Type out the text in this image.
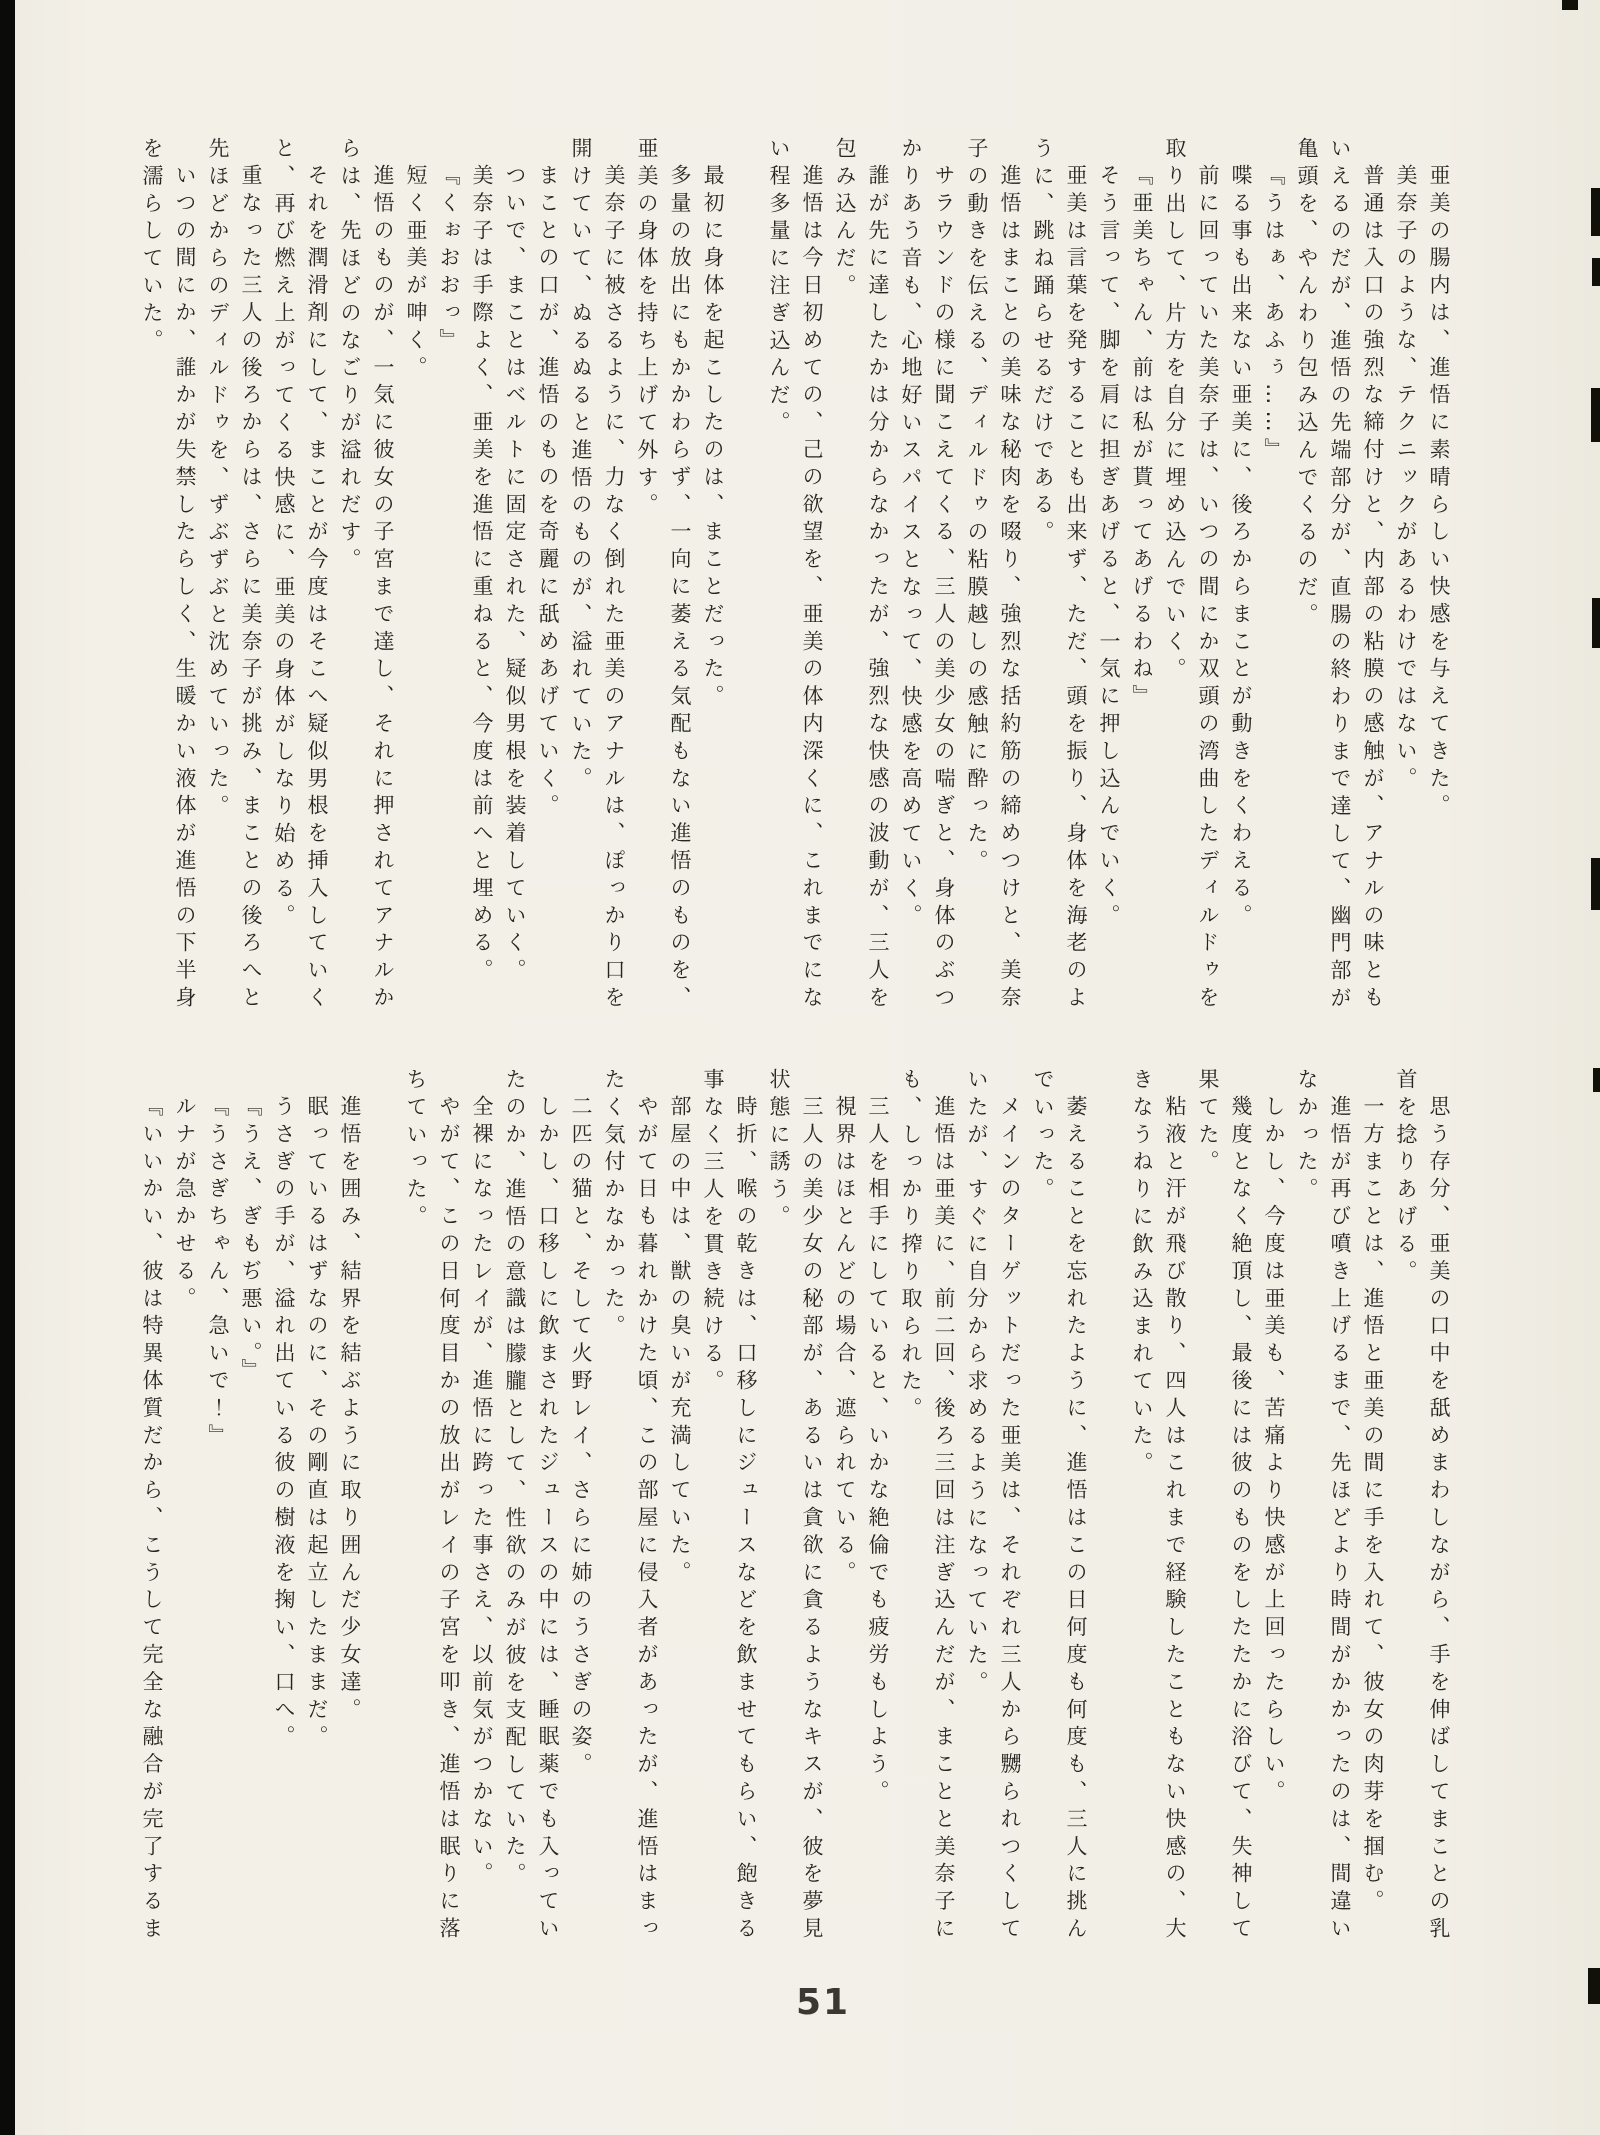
亜美の腸内は、進悟に素晴らしい快感を与えてきた。

美奈子のような、テクニックがあるわけではない。

普通は入口の強烈な締付けと、内部の粘膜の感触が、アナルの味ともいえるのだが、進悟の先端部分が、直腸の終わりまで達して、幽門部が亀頭を、やんわり包み込んでくるのだ。

『うはぁ、あふぅ……』

喋る事も出来ない亜美に、後ろからまことが動きをくわえる。

前に回っていた美奈子は、いつの間にか双頭の湾曲したディルドゥを取り出して、片方を自分に埋め込んでいく。

『亜美ちゃん、前は私が貰ってあげるわね』

そう言って、脚を肩に担ぎあげると、一気に押し込んでいく。

亜美は言葉を発することも出来ず、ただ、頭を振り、身体を海老のように、跳ね踊らせるだけである。

進悟はまことの美味な秘肉を啜り、強烈な括約筋の締めつけと、美奈子の動きを伝える、ディルドゥの粘膜越しの感触に酔った。

サラウンドの様に聞こえてくる、三人の美少女の喘ぎと、身体のぶつかりあう音も、心地好いスパイスとなって、快感を高めていく。

誰が先に達したかは分からなかったが、強烈な快感の波動が、三人を包み込んだ。

進悟は今日初めての、己の欲望を、亜美の体内深くに、これまでにない程多量に注ぎ込んだ。

最初に身体を起こしたのは、まことだった。

多量の放出にもかかわらず、一向に萎える気配もない進悟のものを、亜美の身体を持ち上げて外す。

美奈子に被さるように、力なく倒れた亜美のアナルは、ぽっかり口を開けていて、ぬるぬると進悟のものが、溢れていた。

まことの口が、進悟のものを奇麗に舐めあげていく。

ついで、まことはベルトに固定された、疑似男根を装着していく。

美奈子は手際よく、亜美を進悟に重ねると、今度は前へと埋める。

『くぉおおっ』

短く亜美が呻く。

進悟のものが、一気に彼女の子宮まで達し、それに押されてアナルからは、先ほどのなごりが溢れだす。

それを潤滑剤にして、まことが今度はそこへ疑似男根を挿入していくと、再び燃え上がってくる快感に、亜美の身体がしなり始める。

重なった三人の後ろからは、さらに美奈子が挑み、まことの後ろへと先ほどからのディルドゥを、ずぶずぶと沈めていった。

いつの間にか、誰かが失禁したらしく、生暖かい液体が進悟の下半身を濡らしていた。

思う存分、亜美の口中を舐めまわしながら、手を伸ばしてまことの乳首を捻りあげる。

一方まことは、進悟と亜美の間に手を入れて、彼女の肉芽を掴む。

進悟が再び噴き上げるまで、先ほどより時間がかかったのは、間違いなかった。

しかし、今度は亜美も、苦痛より快感が上回ったらしい。

幾度となく絶頂し、最後には彼のものをしたたかに浴びて、失神して果てた。

粘液と汗が飛び散り、四人はこれまで経験したこともない快感の、大きなうねりに飲み込まれていた。

萎えることを忘れたように、進悟はこの日何度も何度も、三人に挑んでいった。

メインのターゲットだった亜美は、それぞれ三人から嬲られつくしていたが、すぐに自分から求めるようになっていた。

進悟は亜美に、前二回、後ろ三回は注ぎ込んだが、まことと美奈子にも、しっかり搾り取られた。

三人を相手にしていると、いかな絶倫でも疲労もしよう。

視界はほとんどの場合、遮られている。

三人の美少女の秘部が、あるいは貪欲に貪るようなキスが、彼を夢見状態に誘う。

時折、喉の乾きは、口移しにジュースなどを飲ませてもらい、飽きる事なく三人を貫き続ける。

部屋の中は、獣の臭いが充満していた。

やがて日も暮れかけた頃、この部屋に侵入者があったが、進悟はまったく気付かなかった。

二匹の猫と、そして火野レイ、さらに姉のうさぎの姿。

しかし、口移しに飲まされたジュースの中には、睡眠薬でも入っていたのか、進悟の意識は朦朧として、性欲のみが彼を支配していた。

全裸になったレイが、進悟に跨った事さえ、以前気がつかない。

やがて、この日何度目かの放出がレイの子宮を叩き、進悟は眠りに落ちていった。

進悟を囲み、結界を結ぶように取り囲んだ少女達。

眠っているはずなのに、その剛直は起立したままだ。

うさぎの手が、溢れ出ている彼の樹液を掬い、口へ。

『うえ、ぎもぢ悪い。』

『うさぎちゃん、急いで！』

ルナが急かせる。

『いいかい、彼は特異体質だから、こうして完全な融合が完了するま

51
